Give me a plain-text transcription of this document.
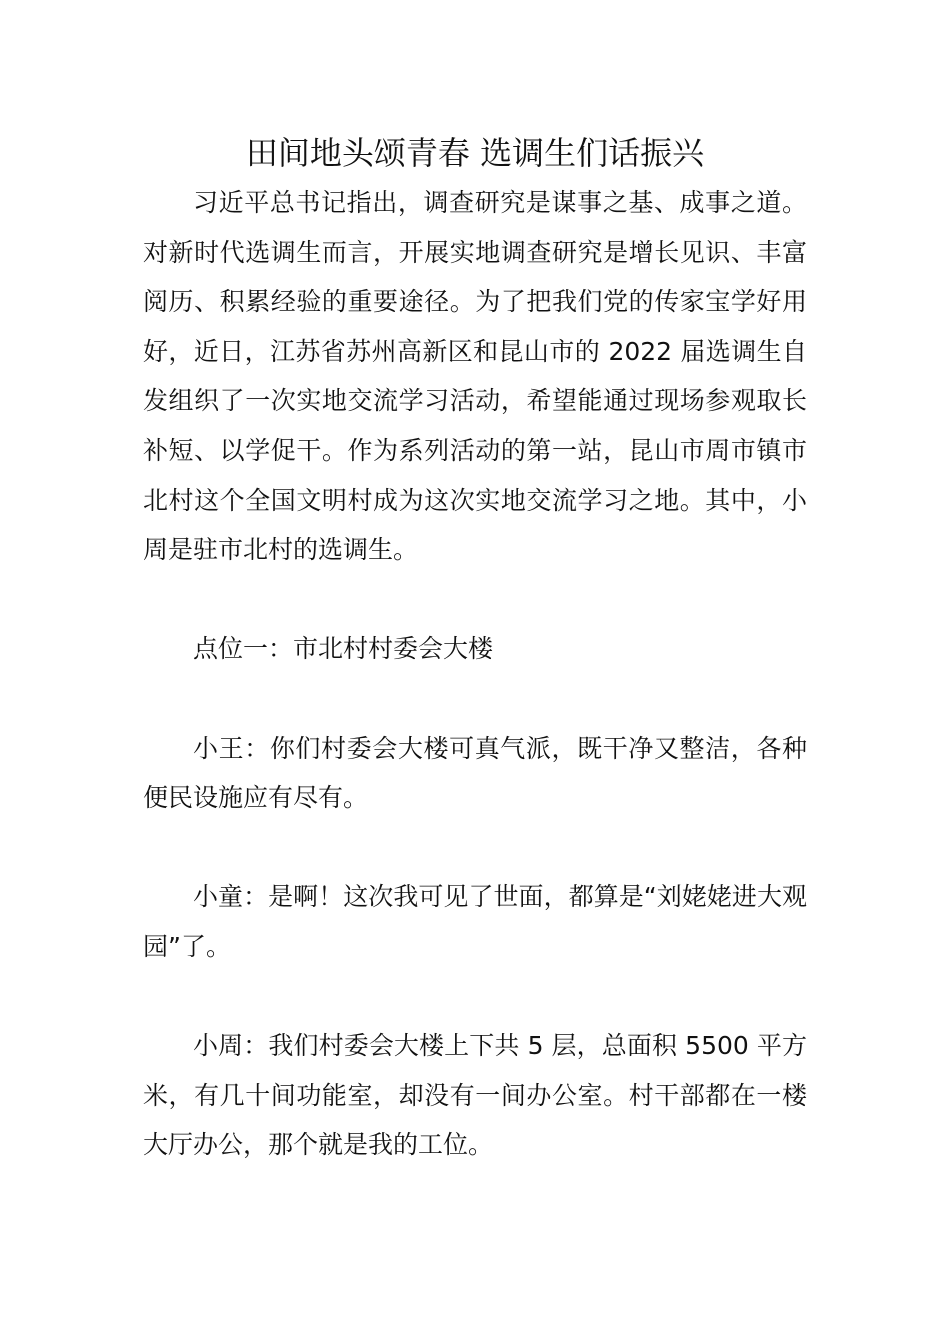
田间地头颂青春 选调生们话振兴

习近平总书记指出，调查研究是谋事之基、成事之道。对新时代选调生而言，开展实地调查研究是增长见识、丰富阅历、积累经验的重要途径。为了把我们党的传家宝学好用好，近日，江苏省苏州高新区和昆山市的 2022 届选调生自发组织了一次实地交流学习活动，希望能通过现场参观取长补短、以学促干。作为系列活动的第一站，昆山市周市镇市北村这个全国文明村成为这次实地交流学习之地。其中，小周是驻市北村的选调生。

点位一：市北村村委会大楼

小王：你们村委会大楼可真气派，既干净又整洁，各种便民设施应有尽有。

小童：是啊！这次我可见了世面，都算是“刘姥姥进大观园”了。

小周：我们村委会大楼上下共 5 层，总面积 5500 平方米，有几十间功能室，却没有一间办公室。村干部都在一楼大厅办公，那个就是我的工位。
